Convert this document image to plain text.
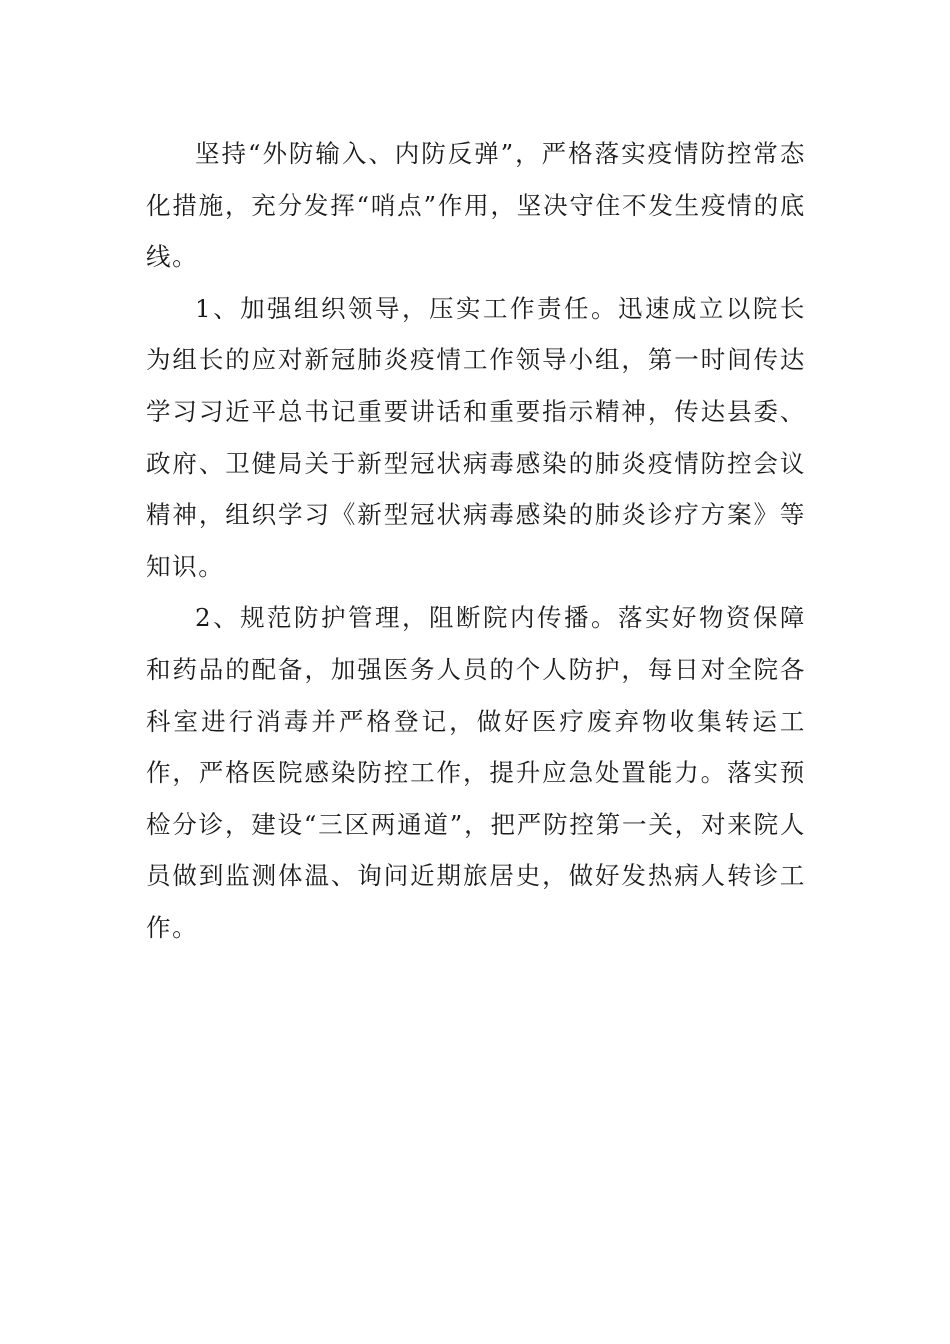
坚持“外防输入、内防反弹”，严格落实疫情防控常态化措施，充分发挥“哨点”作用，坚决守住不发生疫情的底线。

1、加强组织领导，压实工作责任。迅速成立以院长为组长的应对新冠肺炎疫情工作领导小组，第一时间传达学习习近平总书记重要讲话和重要指示精神，传达县委、政府、卫健局关于新型冠状病毒感染的肺炎疫情防控会议精神，组织学习《新型冠状病毒感染的肺炎诊疗方案》等知识。

2、规范防护管理，阻断院内传播。落实好物资保障和药品的配备，加强医务人员的个人防护，每日对全院各科室进行消毒并严格登记，做好医疗废弃物收集转运工作，严格医院感染防控工作，提升应急处置能力。落实预检分诊，建设“三区两通道”，把严防控第一关，对来院人员做到监测体温、询问近期旅居史，做好发热病人转诊工作。
